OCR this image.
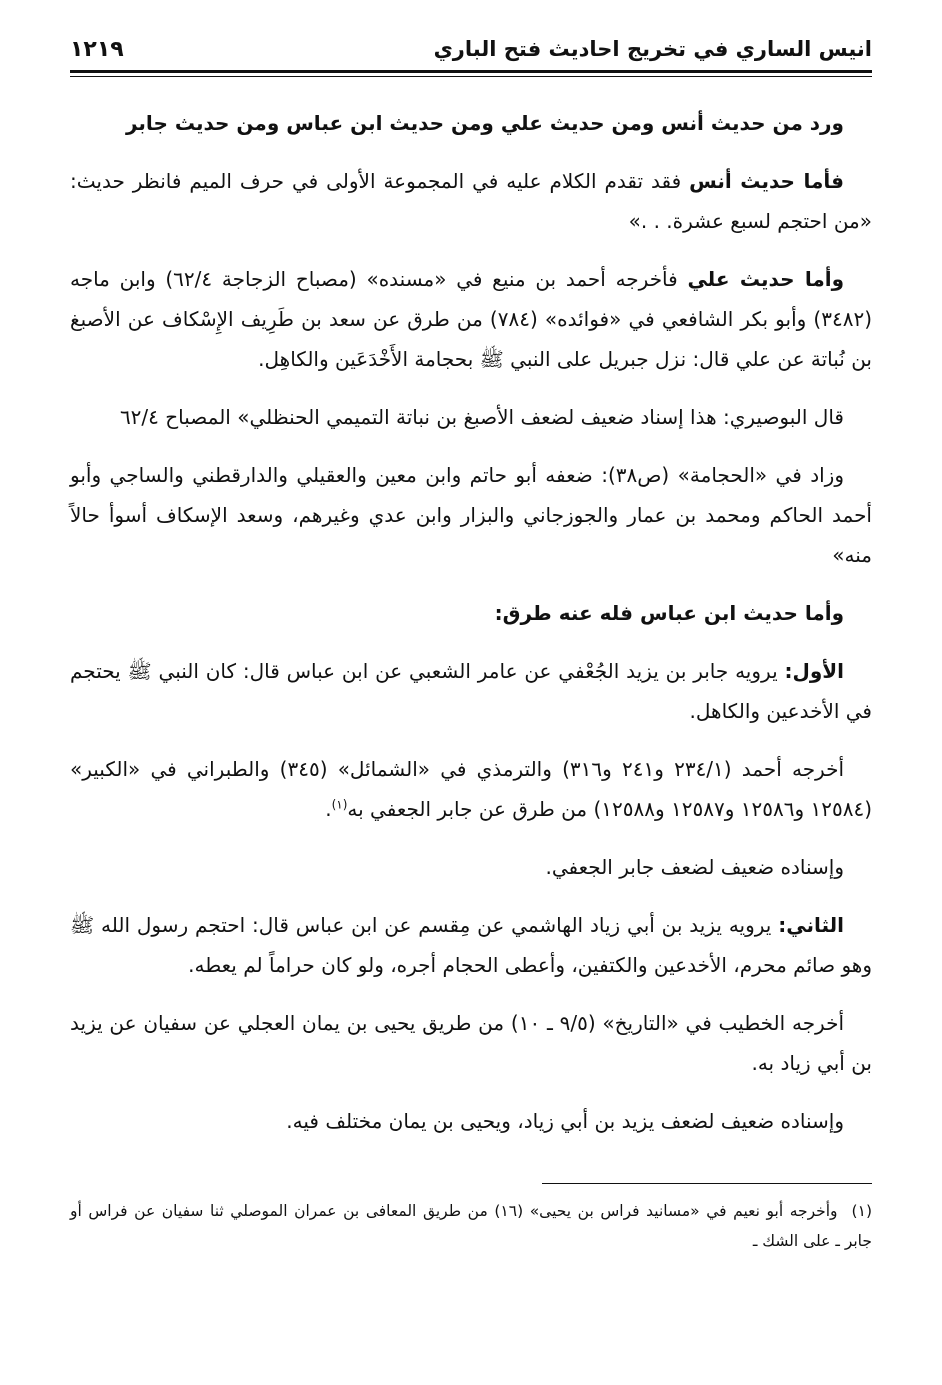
انيس الساري في تخريج احاديث فتح الباري
١٢١٩

ورد من حديث أنس ومن حديث علي ومن حديث ابن عباس ومن حديث جابر

فأما حديث أنس فقد تقدم الكلام عليه في المجموعة الأولى في حرف الميم فانظر حديث: «من احتجم لسبع عشرة. . .»

وأما حديث علي فأخرجه أحمد بن منيع في «مسنده» (مصباح الزجاجة ٦٢/٤) وابن ماجه (٣٤٨٢) وأبو بكر الشافعي في «فوائده» (٧٨٤) من طرق عن سعد بن طَرِيف الإِسْكاف عن الأصبغ بن نُباتة عن علي قال: نزل جبريل على النبي ﷺ بحجامة الأَخْدَعَين والكاهِل.

قال البوصيري: هذا إسناد ضعيف لضعف الأصبغ بن نباتة التميمي الحنظلي» المصباح ٦٢/٤

وزاد في «الحجامة» (ص٣٨): ضعفه أبو حاتم وابن معين والعقيلي والدارقطني والساجي وأبو أحمد الحاكم ومحمد بن عمار والجوزجاني والبزار وابن عدي وغيرهم، وسعد الإسكاف أسوأ حالاً منه»

وأما حديث ابن عباس فله عنه طرق:

الأول: يرويه جابر بن يزيد الجُعْفي عن عامر الشعبي عن ابن عباس قال: كان النبي ﷺ يحتجم في الأخدعين والكاهل.

أخرجه أحمد (٢٣٤/١ و٢٤١ و٣١٦) والترمذي في «الشمائل» (٣٤٥) والطبراني في «الكبير» (١٢٥٨٤ و١٢٥٨٦ و١٢٥٨٧ و١٢٥٨٨) من طرق عن جابر الجعفي به$^{(١)}$.

وإسناده ضعيف لضعف جابر الجعفي.

الثاني: يرويه يزيد بن أبي زياد الهاشمي عن مِقسم عن ابن عباس قال: احتجم رسول الله ﷺ وهو صائم محرم، الأخدعين والكتفين، وأعطى الحجام أجره، ولو كان حراماً لم يعطه.

أخرجه الخطيب في «التاريخ» (٩/٥ ـ ١٠) من طريق يحيى بن يمان العجلي عن سفيان عن يزيد بن أبي زياد به.

وإسناده ضعيف لضعف يزيد بن أبي زياد، ويحيى بن يمان مختلف فيه.

(١)وأخرجه أبو نعيم في «مسانيد فراس بن يحيى» (١٦) من طريق المعافى بن عمران الموصلي ثنا سفيان عن فراس أو جابر ـ على الشك ـ
